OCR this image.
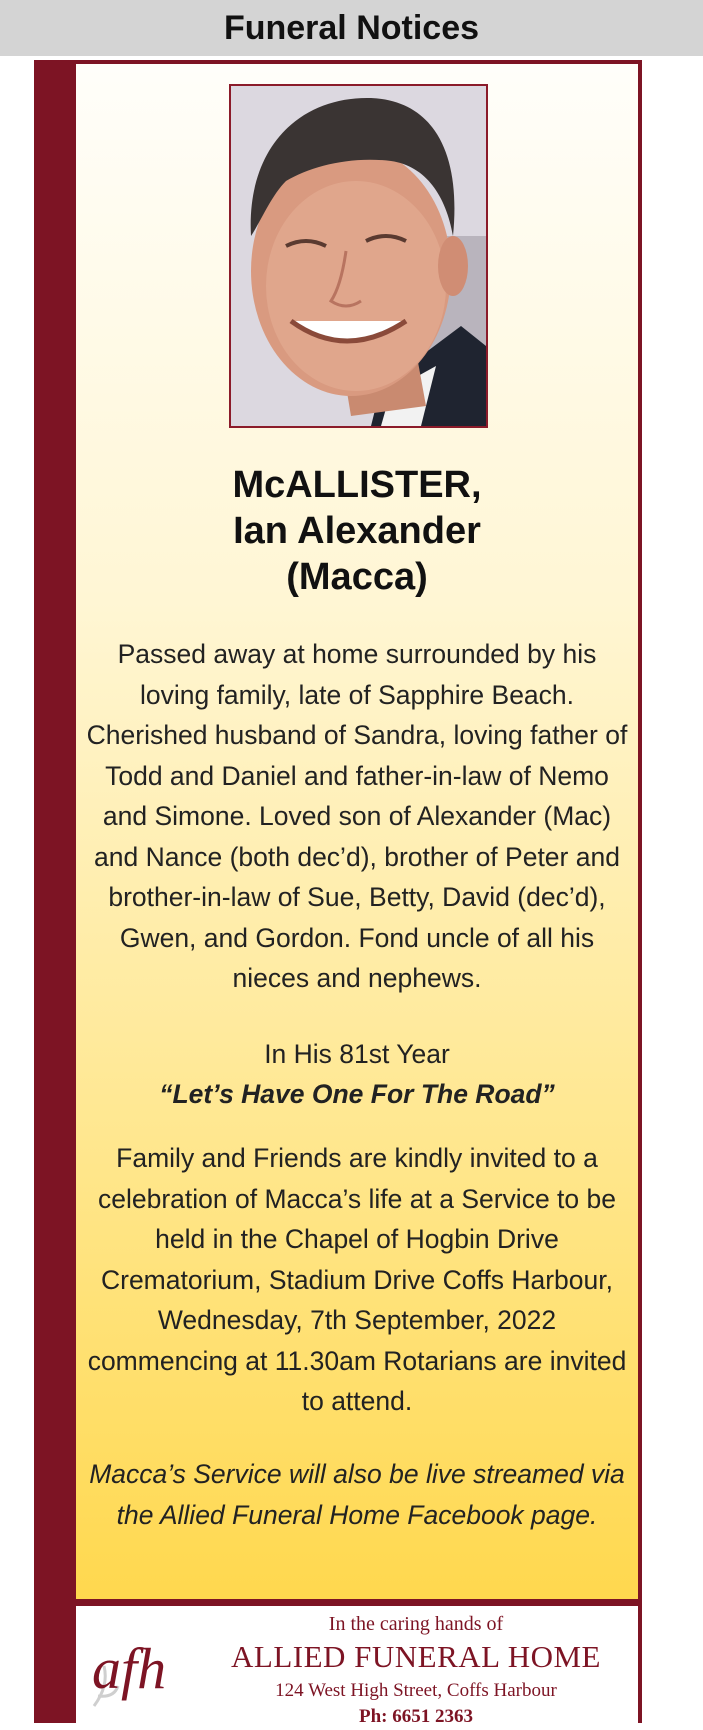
Funeral Notices
McALLISTER,
Ian Alexander
(Macca)

Passed away at home surrounded by his loving family, late of Sapphire Beach. Cherished husband of Sandra, loving father of Todd and Daniel and father-in-law of Nemo and Simone. Loved son of Alexander (Mac) and Nance (both dec’d), brother of Peter and brother-in-law of Sue, Betty, David (dec’d), Gwen, and Gordon. Fond uncle of all his nieces and nephews.

In His 81st Year

“Let’s Have One For The Road”

Family and Friends are kindly invited to a celebration of Macca’s life at a Service to be held in the Chapel of Hogbin Drive Crematorium, Stadium Drive Coffs Harbour, Wednesday, 7th September, 2022 commencing at 11.30am Rotarians are invited to attend.

Macca’s Service will also be live streamed via the Allied Funeral Home Facebook page.

afh
In the caring hands of
ALLIED FUNERAL HOME
124 West High Street, Coffs Harbour
Ph: 6651 2363
